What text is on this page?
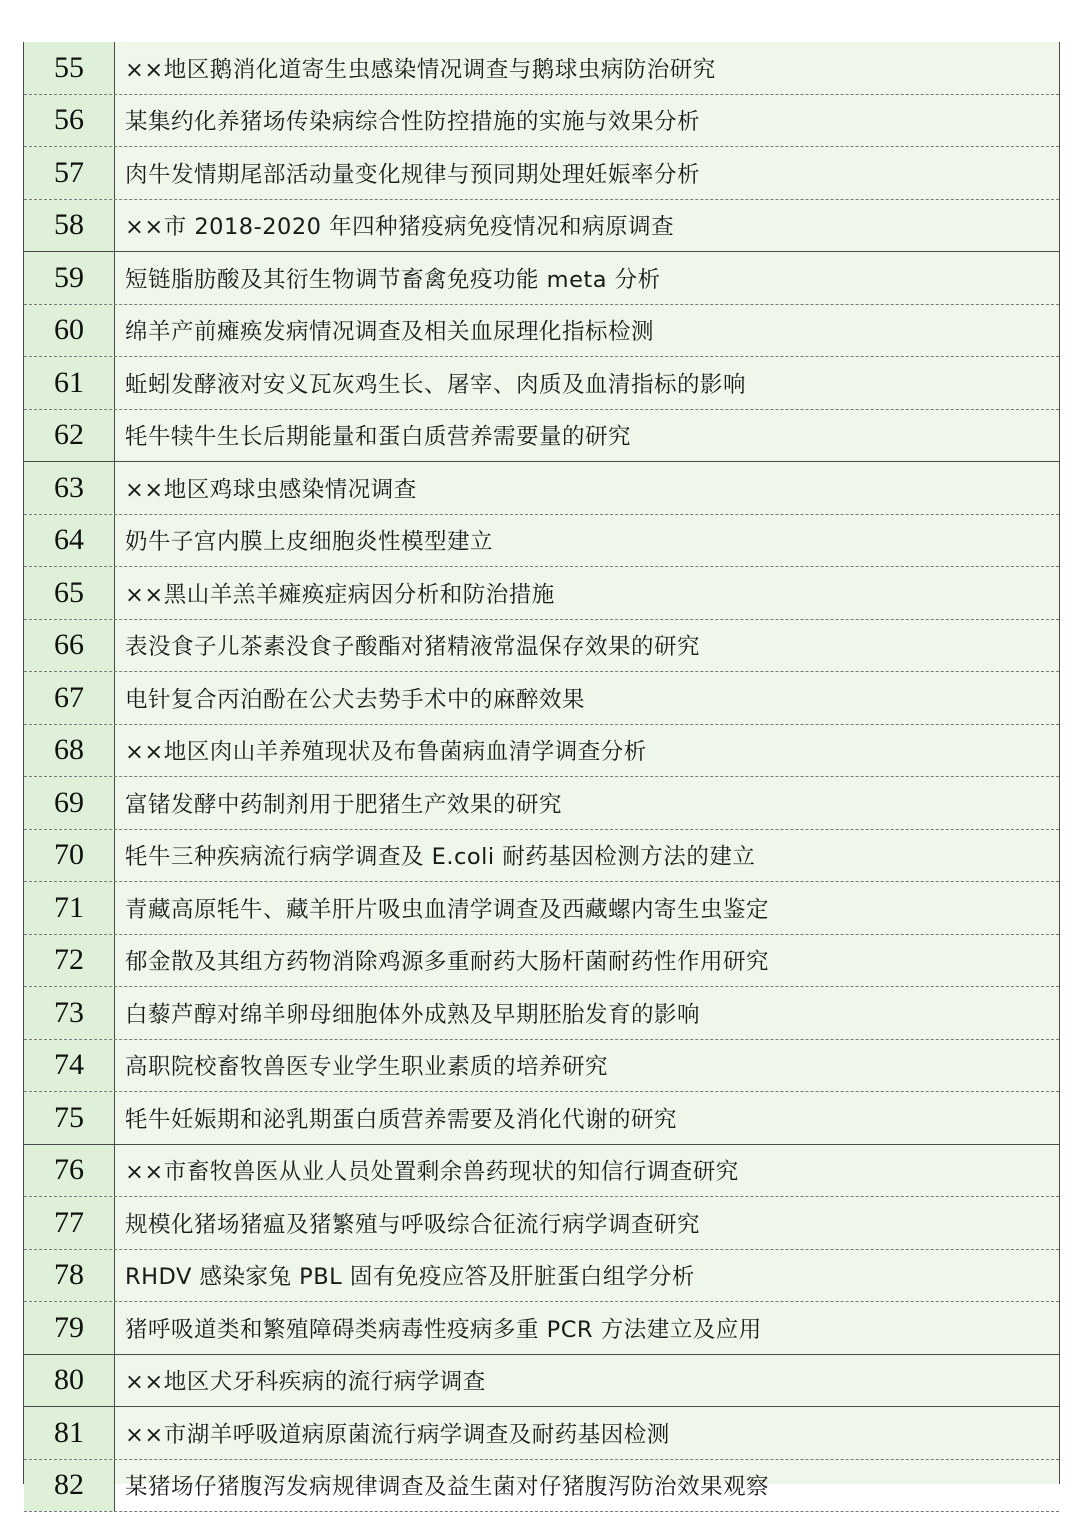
55	××地区鹅消化道寄生虫感染情况调查与鹅球虫病防治研究
56	某集约化养猪场传染病综合性防控措施的实施与效果分析
57	肉牛发情期尾部活动量变化规律与预同期处理妊娠率分析
58	××市 2018-2020 年四种猪疫病免疫情况和病原调查
59	短链脂肪酸及其衍生物调节畜禽免疫功能 meta 分析
60	绵羊产前瘫痪发病情况调查及相关血尿理化指标检测
61	蚯蚓发酵液对安义瓦灰鸡生长、屠宰、肉质及血清指标的影响
62	牦牛犊牛生长后期能量和蛋白质营养需要量的研究
63	××地区鸡球虫感染情况调查
64	奶牛子宫内膜上皮细胞炎性模型建立
65	××黑山羊羔羊瘫痪症病因分析和防治措施
66	表没食子儿茶素没食子酸酯对猪精液常温保存效果的研究
67	电针复合丙泊酚在公犬去势手术中的麻醉效果
68	××地区肉山羊养殖现状及布鲁菌病血清学调查分析
69	富锗发酵中药制剂用于肥猪生产效果的研究
70	牦牛三种疾病流行病学调查及 E.coli 耐药基因检测方法的建立
71	青藏高原牦牛、藏羊肝片吸虫血清学调查及西藏螺内寄生虫鉴定
72	郁金散及其组方药物消除鸡源多重耐药大肠杆菌耐药性作用研究
73	白藜芦醇对绵羊卵母细胞体外成熟及早期胚胎发育的影响
74	高职院校畜牧兽医专业学生职业素质的培养研究
75	牦牛妊娠期和泌乳期蛋白质营养需要及消化代谢的研究
76	××市畜牧兽医从业人员处置剩余兽药现状的知信行调查研究
77	规模化猪场猪瘟及猪繁殖与呼吸综合征流行病学调查研究
78	RHDV 感染家兔 PBL 固有免疫应答及肝脏蛋白组学分析
79	猪呼吸道类和繁殖障碍类病毒性疫病多重 PCR 方法建立及应用
80	××地区犬牙科疾病的流行病学调查
81	××市湖羊呼吸道病原菌流行病学调查及耐药基因检测
82	某猪场仔猪腹泻发病规律调查及益生菌对仔猪腹泻防治效果观察
